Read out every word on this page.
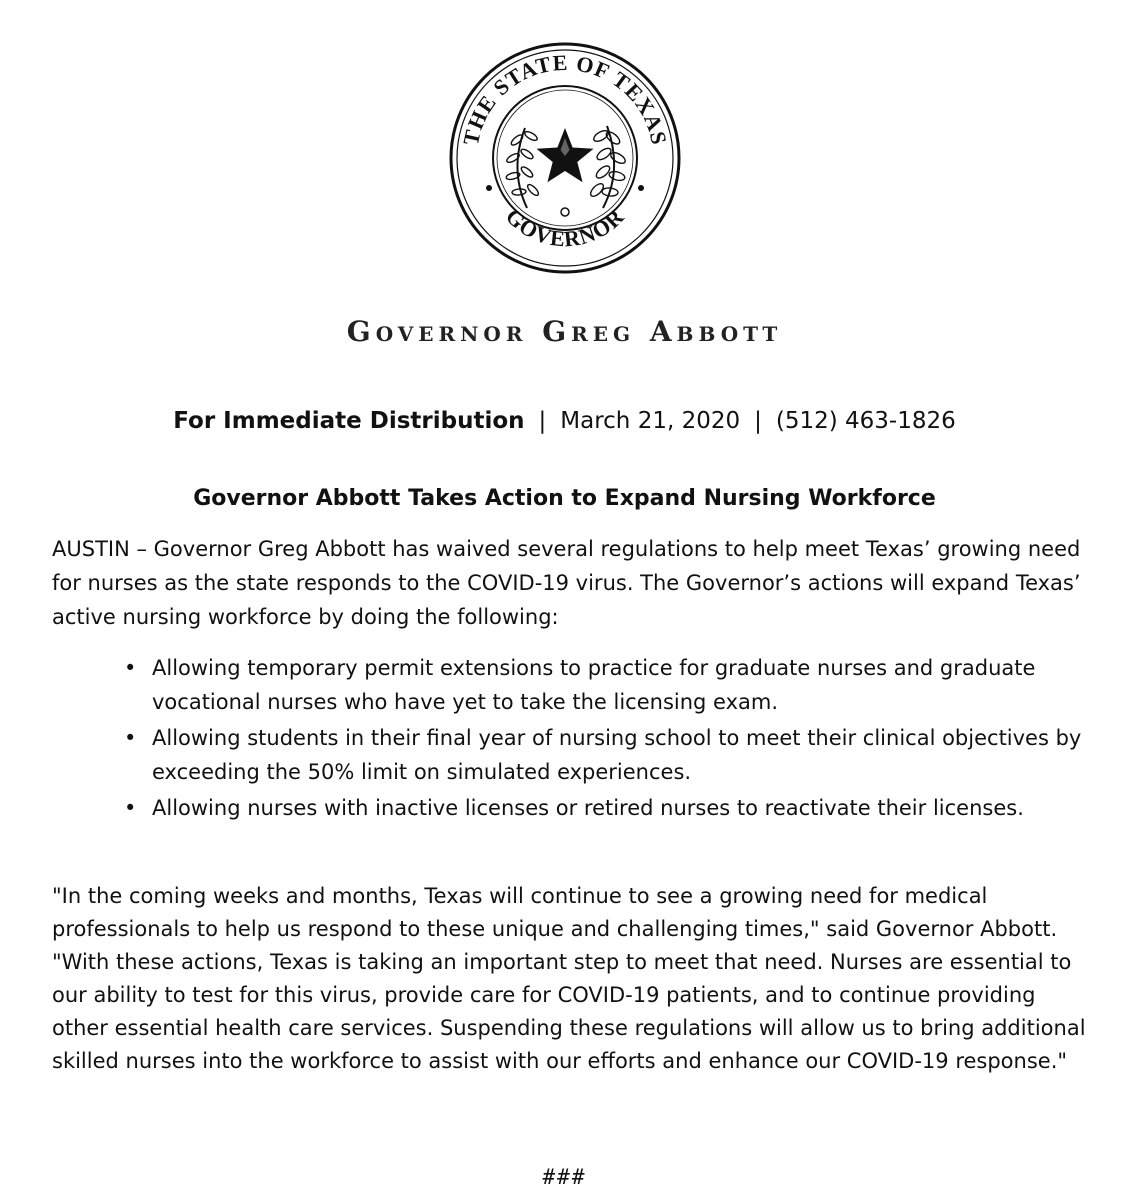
THE STATE OF TEXAS
GOVERNOR

Governor Greg Abbott

For Immediate Distribution | March 21, 2020 | (512) 463-1826

Governor Abbott Takes Action to Expand Nursing Workforce

AUSTIN – Governor Greg Abbott has waived several regulations to help meet Texas’ growing need for nurses as the state responds to the COVID-19 virus. The Governor’s actions will expand Texas’ active nursing workforce by doing the following:

• Allowing temporary permit extensions to practice for graduate nurses and graduate vocational nurses who have yet to take the licensing exam.
• Allowing students in their final year of nursing school to meet their clinical objectives by exceeding the 50% limit on simulated experiences.
• Allowing nurses with inactive licenses or retired nurses to reactivate their licenses.

"In the coming weeks and months, Texas will continue to see a growing need for medical professionals to help us respond to these unique and challenging times," said Governor Abbott. "With these actions, Texas is taking an important step to meet that need. Nurses are essential to our ability to test for this virus, provide care for COVID-19 patients, and to continue providing other essential health care services. Suspending these regulations will allow us to bring additional skilled nurses into the workforce to assist with our efforts and enhance our COVID-19 response."

###
